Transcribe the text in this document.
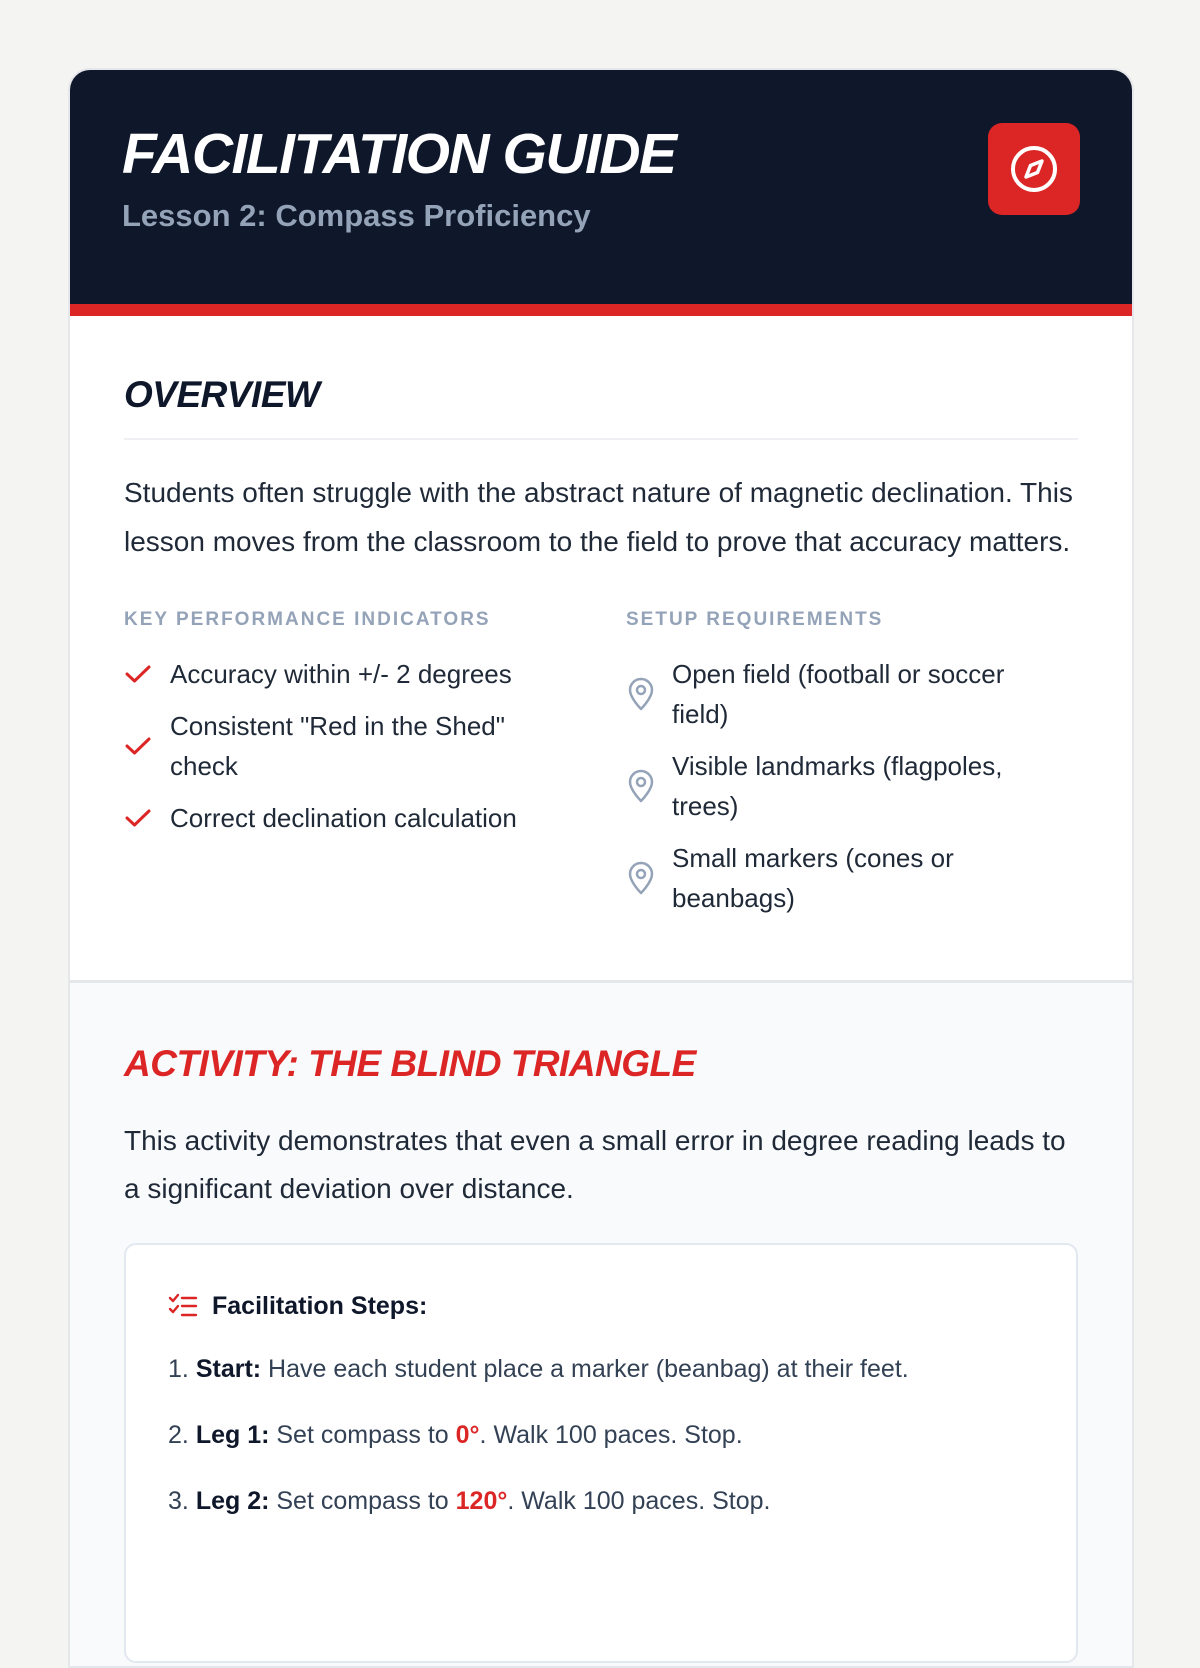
FACILITATION GUIDE
Lesson 2: Compass Proficiency
OVERVIEW

Students often struggle with the abstract nature of magnetic declination. This lesson moves from the classroom to the field to prove that accuracy matters.

KEY PERFORMANCE INDICATORS
Accuracy within +/- 2 degrees
Consistent "Red in the Shed" check
Correct declination calculation
SETUP REQUIREMENTS
Open field (football or soccer field)
Visible landmarks (flagpoles, trees)
Small markers (cones or beanbags)
ACTIVITY: THE BLIND TRIANGLE

This activity demonstrates that even a small error in degree reading leads to a significant deviation over distance.

Facilitation Steps:
1. Start: Have each student place a marker (beanbag) at their feet.
2. Leg 1: Set compass to 0°. Walk 100 paces. Stop.
3. Leg 2: Set compass to 120°. Walk 100 paces. Stop.
